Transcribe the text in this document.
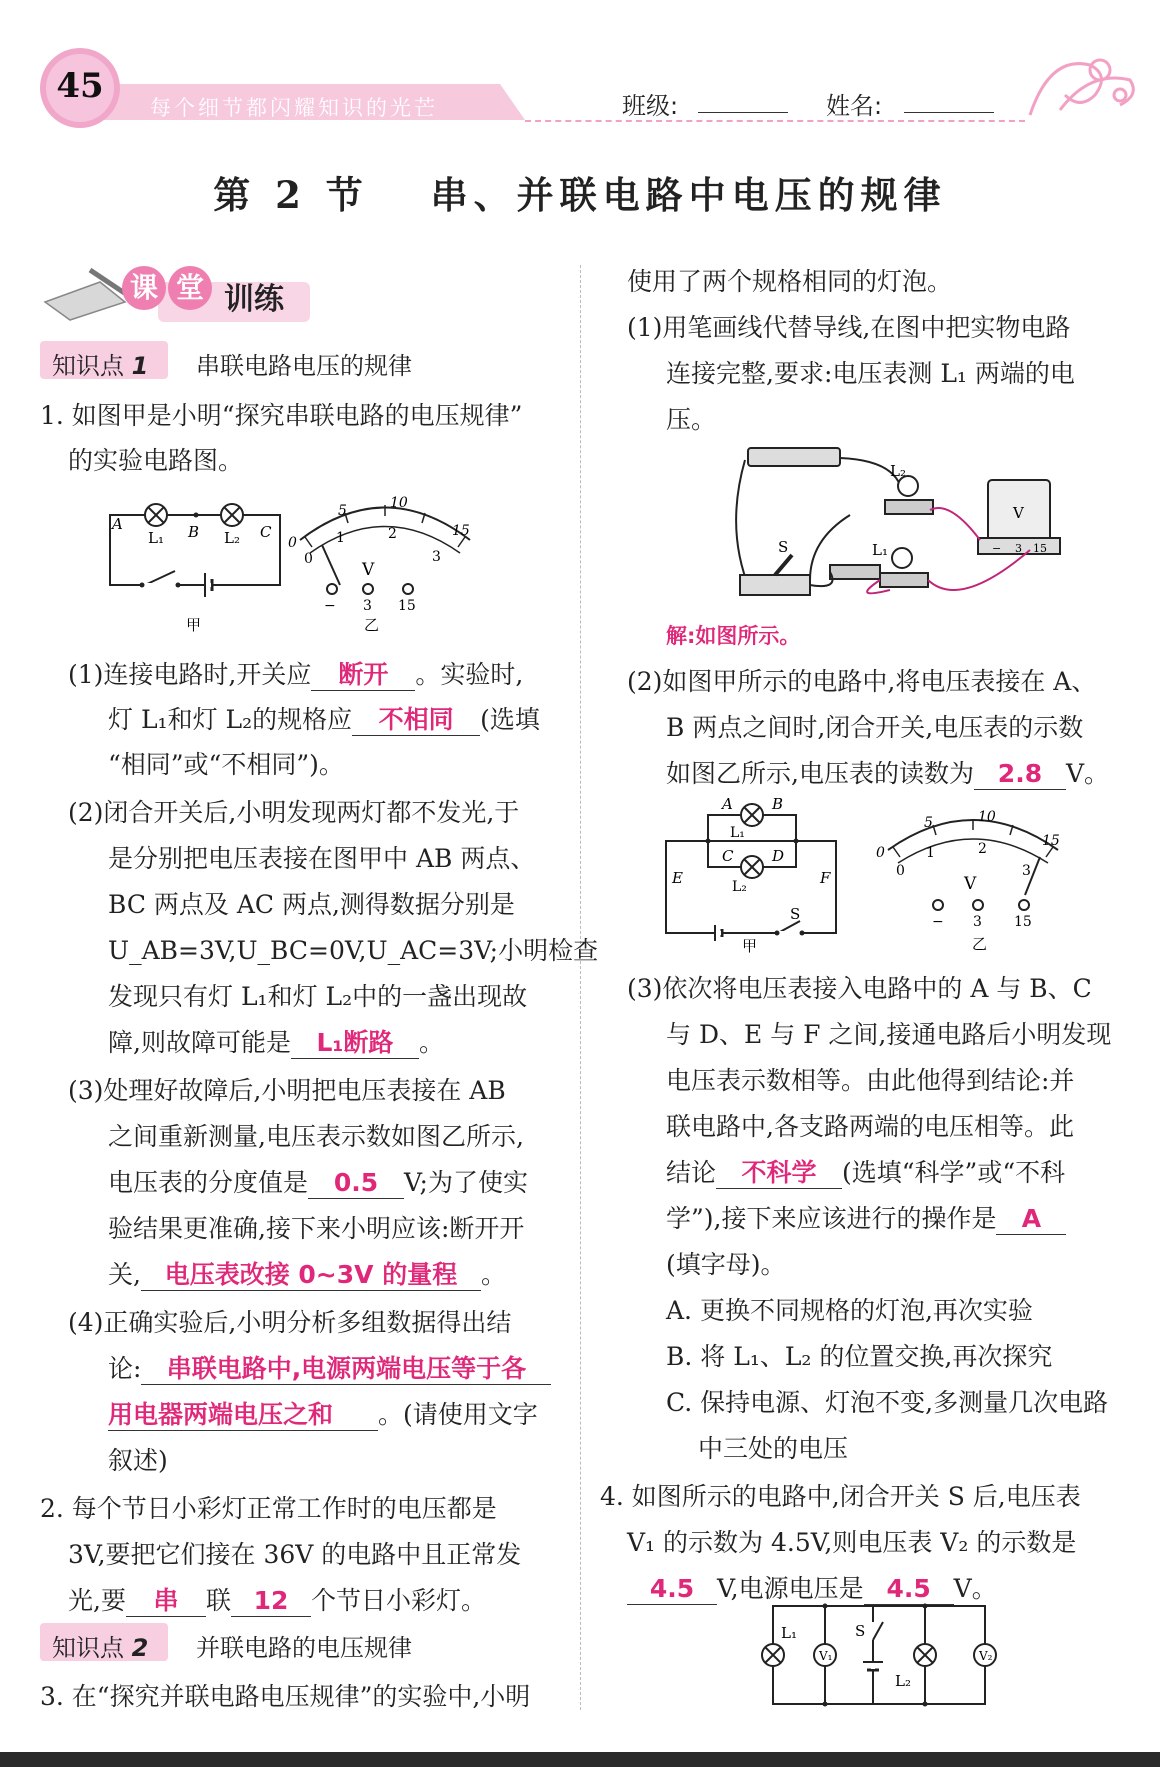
45
每个细节都闪耀知识的光芒	班级:	姓名:
第 2 节　 串、并联电路中电压的规律
课 堂 训练
知识点 1 串联电路电压的规律
1. 如图甲是小明“探究串联电路的电压规律”
的实验电路图。
A	B	C
L₁	L₂
甲
0
5	10
15
0
1	2
3
V
− 3 15
乙
(1)连接电路时,开关应 断开 。实验时,
灯 L₁和灯 L₂的规格应 不相同 (选填
“相同”或“不相同”)。
(2)闭合开关后,小明发现两灯都不发光,于
是分别把电压表接在图甲中 AB 两点、
BC 两点及 AC 两点,测得数据分别是
U_AB=3V,U_BC=0V,U_AC=3V;小明检查
发现只有灯 L₁和灯 L₂中的一盏出现故
障,则故障可能是 L₁断路 。
(3)处理好故障后,小明把电压表接在 AB
之间重新测量,电压表示数如图乙所示,
电压表的分度值是 0.5 V;为了使实
验结果更准确,接下来小明应该:断开开
关, 电压表改接 0~3V 的量程 。
(4)正确实验后,小明分析多组数据得出结
论: 串联电路中,电源两端电压等于各
用电器两端电压之和 。(请使用文字
叙述)
2. 每个节日小彩灯正常工作时的电压都是
3V,要把它们接在 36V 的电路中且正常发
光,要 串 联 12 个节日小彩灯。
知识点 2 并联电路的电压规律
3. 在“探究并联电路电压规律”的实验中,小明
使用了两个规格相同的灯泡。
(1)用笔画线代替导线,在图中把实物电路
连接完整,要求:电压表测 L₁ 两端的电
压。
L₂
L₁
S
V
− 3 15
解:如图所示。
(2)如图甲所示的电路中,将电压表接在 A、
B 两点之间时,闭合开关,电压表的示数
如图乙所示,电压表的读数为 2.8 V。
A	B
C	D
E	F
L₁
L₂
S
甲
0
5	10
15
0
1	2
3
V
− 3 15
乙
(3)依次将电压表接入电路中的 A 与 B、C
与 D、E 与 F 之间,接通电路后小明发现
电压表示数相等。由此他得到结论:并
联电路中,各支路两端的电压相等。此
结论 不科学 (选填“科学”或“不科
学”),接下来应该进行的操作是 A
(填字母)。
A. 更换不同规格的灯泡,再次实验
B. 将 L₁、L₂ 的位置交换,再次探究
C. 保持电源、灯泡不变,多测量几次电路
中三处的电压
4. 如图所示的电路中,闭合开关 S 后,电压表
V₁ 的示数为 4.5V,则电压表 V₂ 的示数是
4.5 V,电源电压是 4.5 V。
L₁
V₁
S
L₂
V₂
